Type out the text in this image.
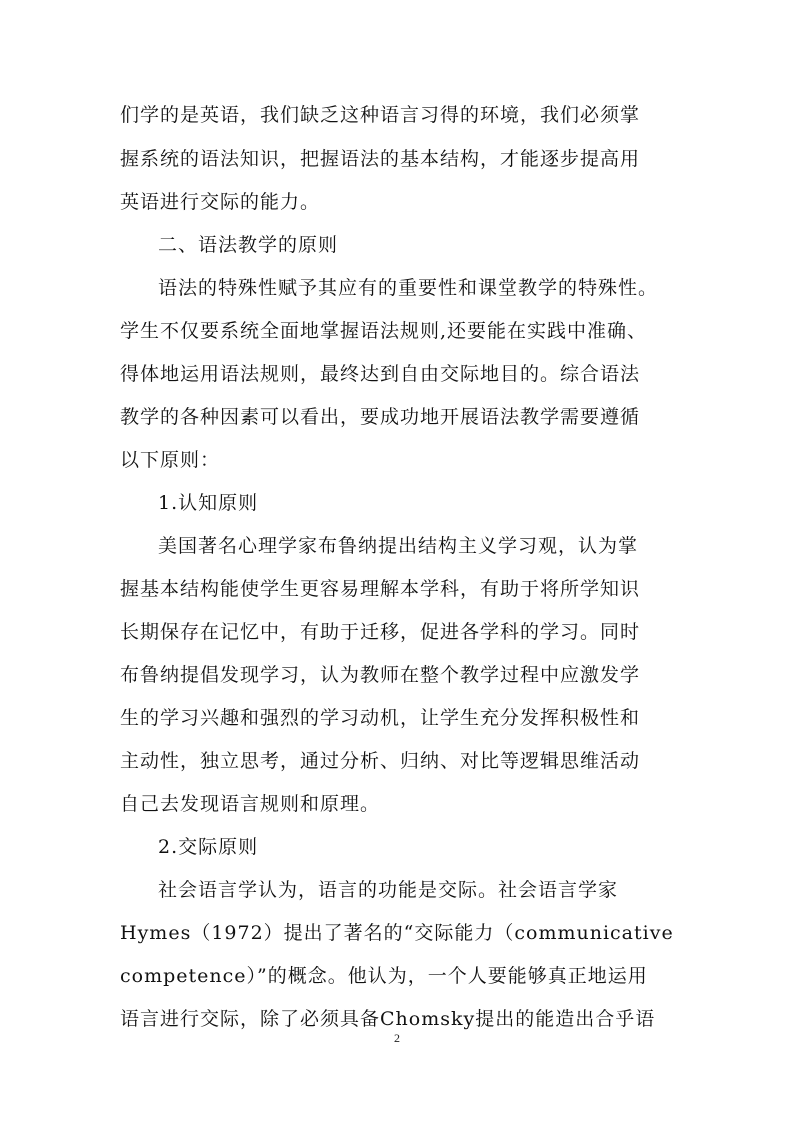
们学的是英语，我们缺乏这种语言习得的环境，我们必须掌
握系统的语法知识，把握语法的基本结构，才能逐步提高用
英语进行交际的能力。
二、语法教学的原则
语法的特殊性赋予其应有的重要性和课堂教学的特殊性。
学生不仅要系统全面地掌握语法规则,还要能在实践中准确、
得体地运用语法规则，最终达到自由交际地目的。综合语法
教学的各种因素可以看出，要成功地开展语法教学需要遵循
以下原则：
1.认知原则
美国著名心理学家布鲁纳提出结构主义学习观，认为掌
握基本结构能使学生更容易理解本学科，有助于将所学知识
长期保存在记忆中，有助于迁移，促进各学科的学习。同时
布鲁纳提倡发现学习，认为教师在整个教学过程中应激发学
生的学习兴趣和强烈的学习动机，让学生充分发挥积极性和
主动性，独立思考，通过分析、归纳、对比等逻辑思维活动
自己去发现语言规则和原理。
2.交际原则
社会语言学认为，语言的功能是交际。社会语言学家
Hymes（1972）提出了著名的“交际能力（communicative
competence）”的概念。他认为，一个人要能够真正地运用
语言进行交际，除了必须具备Chomsky提出的能造出合乎语
2
